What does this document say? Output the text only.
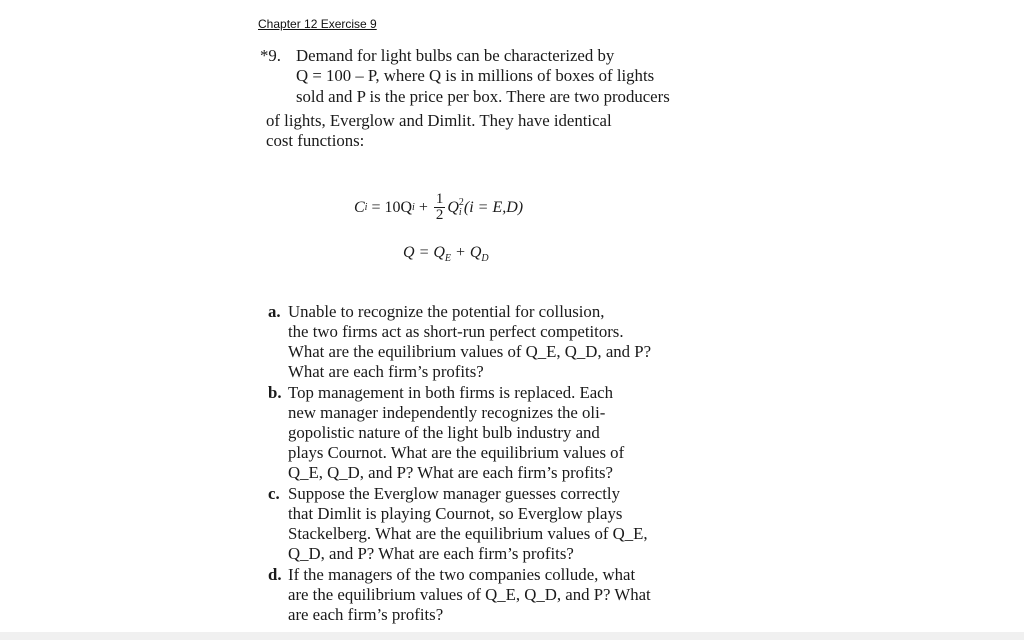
Chapter 12 Exercise 9
*9. Demand for light bulbs can be characterized by
Q = 100 – P, where Q is in millions of boxes of lights
sold and P is the price per box. There are two producers
of lights, Everglow and Dimlit. They have identical
cost functions:
C i = 10Q $i + \frac{1}{2}$ Q 2
i (i = E,D)
$Q = Q_E + Q_D$
a. Unable to recognize the potential for collusion,
the two firms act as short-run perfect competitors.
What are the equilibrium values of Q_E, Q_D, and P?
What are each firm’s profits?
b. Top management in both firms is replaced. Each
new manager independently recognizes the oli-
gopolistic nature of the light bulb industry and
plays Cournot. What are the equilibrium values of
Q_E, Q_D, and P? What are each firm’s profits?
c. Suppose the Everglow manager guesses correctly
that Dimlit is playing Cournot, so Everglow plays
Stackelberg. What are the equilibrium values of Q_E,
Q_D, and P? What are each firm’s profits?
d. If the managers of the two companies collude, what
are the equilibrium values of Q_E, Q_D, and P? What
are each firm’s profits?
